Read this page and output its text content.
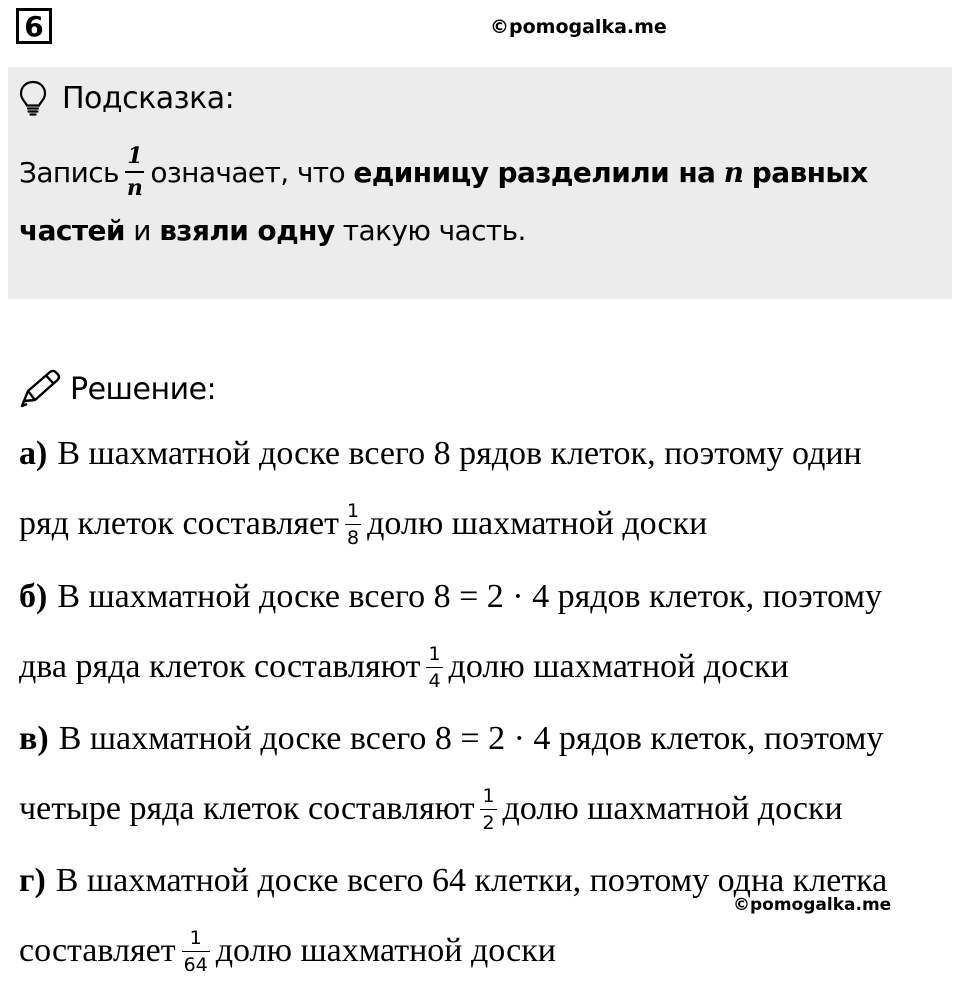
6	©pomogalka.me
Подсказка:
Запись $\frac{1}{n}$ означает, что
единицу разделили на
n
равных
частей
и
взяли одну
такую часть.
Решение:
а) В шахматной доске всего 8 рядов клеток, поэтому один
ряд клеток составляет $\frac{1}{8}$ долю шахматной доски
б) В шахматной доске всего 8 = 2 · 4 рядов клеток, поэтому
два ряда клеток составляют $\frac{1}{4}$ долю шахматной доски
в) В шахматной доске всего 8 = 2 · 4 рядов клеток, поэтому
четыре ряда клеток составляют $\frac{1}{2}$ долю шахматной доски
г) В шахматной доске всего 64 клетки, поэтому одна клетка
©pomogalka.me
составляет $\frac{1}{64}$ долю шахматной доски
